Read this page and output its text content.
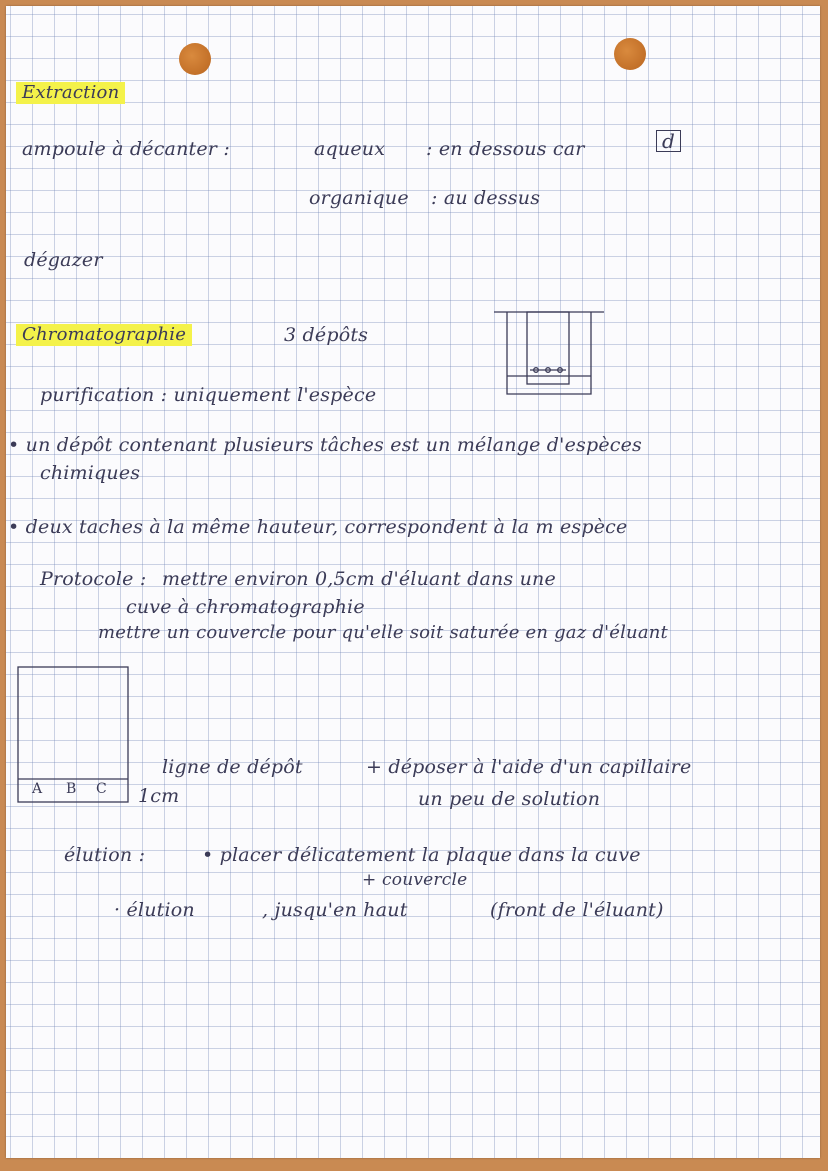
Extraction
ampoule à décanter :	aqueux : en dessous car	d
organique : au dessus
dégazer
Chromatographie	3 dépôts
purification : uniquement l'espèce
• un dépôt contenant plusieurs tâches est un mélange d'espèces
chimiques
• deux taches à la même hauteur, correspondent à la m espèce
Protocole : mettre environ 0,5cm d'éluant dans une
cuve à chromatographie
mettre un couvercle pour qu'elle soit saturée en gaz d'éluant
A B C
ligne de dépôt
1cm
+ déposer à l'aide d'un capillaire
un peu de solution
élution :	• placer délicatement la plaque dans la cuve
+ couvercle
· élution	, jusqu'en haut	(front de l'éluant)
